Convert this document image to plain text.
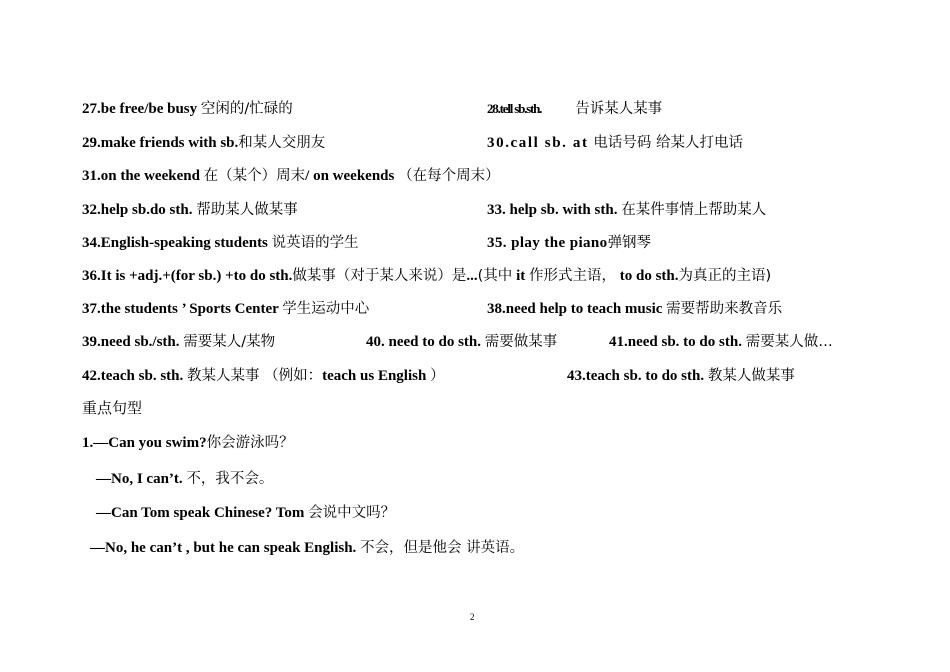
27.be free/be busy 空闲的/忙碌的	28.tell sb.sth. 告诉某人某事
29.make friends with sb.和某人交朋友	30.call sb. at 电话号码 给某人打电话
31.on the weekend 在（某个）周末/ on weekends （在每个周末）
32.help sb.do sth. 帮助某人做某事	33. help sb. with sth. 在某件事情上帮助某人
34.English-speaking students 说英语的学生	35. play the piano弹钢琴
36.It is +adj.+(for sb.) +to do sth.做某事（对于某人来说）是...(其中 it 作形式主语， to do sth.为真正的主语)
37.the students ’ Sports Center 学生运动中心	38.need help to teach music 需要帮助来教音乐
39.need sb./sth. 需要某人/某物	40. need to do sth. 需要做某事	41.need sb. to do sth. 需要某人做…
42.teach sb. sth. 教某人某事 （例如：teach us English ）	43.teach sb. to do sth. 教某人做某事
重点句型
1.—Can you swim?你会游泳吗？
—No, I can’t. 不，我不会。
—Can Tom speak Chinese? Tom 会说中文吗？
—No, he can’t , but he can speak English. 不会，但是他会 讲英语。
2
